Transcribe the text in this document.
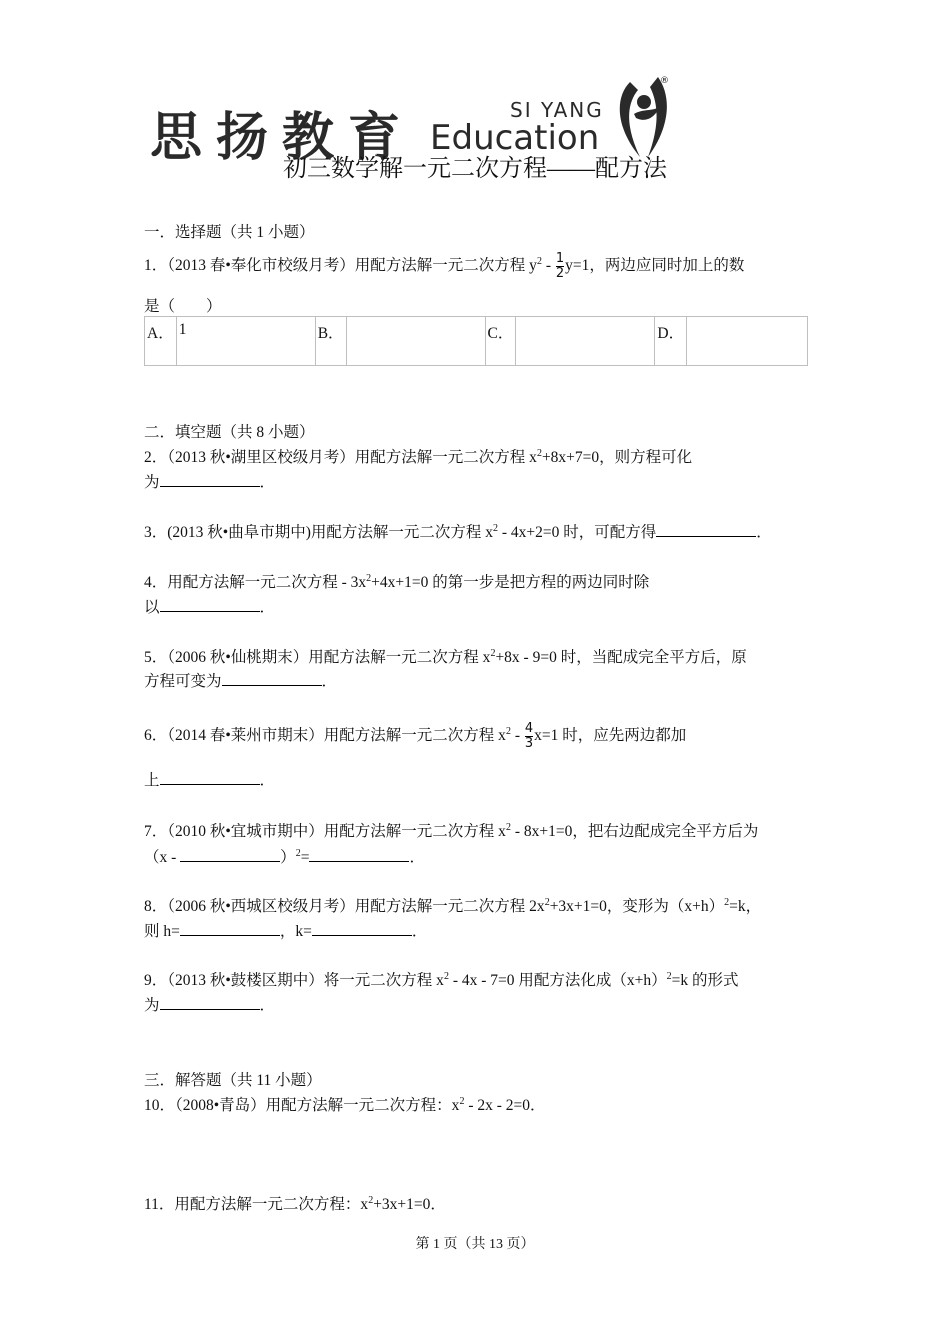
思扬教育	SI YANG
Education
®
初三数学解一元二次方程——配方法
一．选择题（共 1 小题）
1．（2013 春•奉化市校级月考）用配方法解一元二次方程 $y^2 - \frac{1}{2} y=1$，两边应同时加上的数
是（　　）
A．	1	B．		C．		D．	
二．填空题（共 8 小题）
2．（2013 秋•湖里区校级月考）用配方法解一元二次方程 $x^2+8x+7=0$，则方程可化
为	．
3．(2013 秋•曲阜市期中)用配方法解一元二次方程 $x^2 - 4x+2=0$ 时，可配方得	．
4．用配方法解一元二次方程 - $3x^2+4x+1=0$ 的第一步是把方程的两边同时除
以	．
5．（2006 秋•仙桃期末）用配方法解一元二次方程 $x^2+8x - 9=0$ 时，当配成完全平方后，原
方程可变为	．
6．（2014 春•莱州市期末）用配方法解一元二次方程 $x^2 - \frac{4}{3} x=1$ 时，应先两边都加
上	．
7．（2010 秋•宜城市期中）用配方法解一元二次方程 $x^2 - 8x+1=0$，把右边配成完全平方后为
（x -	）$^2$=	．
8．（2006 秋•西城区校级月考）用配方法解一元二次方程 $2x^2+3x+1=0$，变形为$(x+h)^2=k$，
则 h=	，k=	．
9．（2013 秋•鼓楼区期中）将一元二次方程 $x^2 - 4x - 7=0$ 用配方法化成$(x+h)^2=k$ 的形式
为	．
三．解答题（共 11 小题）
10．（2008•青岛）用配方法解一元二次方程：$x^2 - 2x - 2=0$．
11．用配方法解一元二次方程：$x^2+3x+1=0$．
第 1 页（共 13 页）
